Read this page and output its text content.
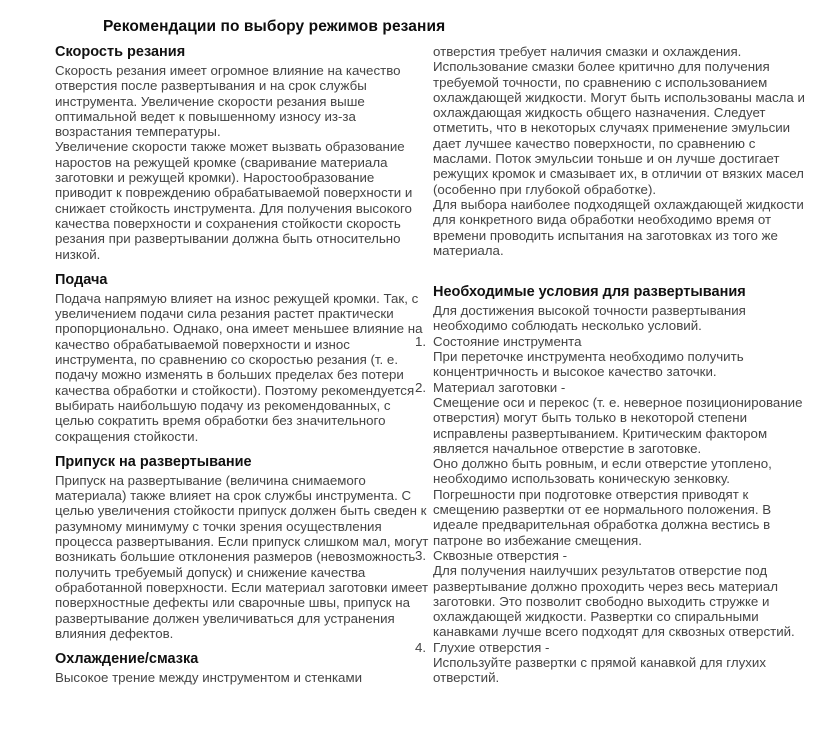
Рекомендации по выбору режимов резания
Скорость резания

Скорость резания имеет огромное влияние на качество отверстия после развертывания и на срок службы инструмента. Увеличение скорости резания выше оптимальной ведет к повышенному износу из-за возрастания температуры.

Увеличение скорости также может вызвать образование наростов на режущей кромке (сваривание материала заготовки и режущей кромки). Наростообразование приводит к повреждению обрабатываемой поверхности и снижает стойкость инструмента. Для получения высокого качества поверхности и сохранения стойкости скорость резания при развертывании должна быть относительно низкой.

Подача

Подача напрямую влияет на износ режущей кромки. Так, с увеличением подачи сила резания растет практически пропорционально. Однако, она имеет меньшее влияние на качество обрабатываемой поверхности и износ инструмента, по сравнению со скоростью резания (т. е. подачу можно изменять в больших пределах без потери качества обработки и стойкости). Поэтому рекомендуется выбирать наибольшую подачу из рекомендованных, с целью сократить время обработки без значительного сокращения стойкости.

Припуск на развертывание

Припуск на развертывание (величина снимаемого материала) также влияет на срок службы инструмента. С целью увеличения стойкости припуск должен быть сведен к разумному минимуму с точки зрения осуществления процесса развертывания. Если припуск слишком мал, могут возникать большие отклонения размеров (невозможность получить требуемый допуск) и снижение качества обработанной поверхности. Если материал заготовки имеет поверхностные дефекты или сварочные швы, припуск на развертывание должен увеличиваться для устранения влияния дефектов.

Охлаждение/смазка

Высокое трение между инструментом и стенками

отверстия требует наличия смазки и охлаждения. Использование смазки более критично для получения требуемой точности, по сравнению с использованием охлаждающей жидкости. Могут быть использованы масла и охлаждающая жидкость общего назначения. Следует отметить, что в некоторых случаях применение эмульсии дает лучшее качество поверхности, по сравнению с маслами. Поток эмульсии тоньше и он лучше достигает режущих кромок и смазывает их, в отличии от вязких масел (особенно при глубокой обработке).

Для выбора наиболее подходящей охлаждающей жидкости для конкретного вида обработки необходимо время от времени проводить испытания на заготовках из того же материала.

Необходимые условия для развертывания

Для достижения высокой точности развертывания необходимо соблюдать несколько условий.

1. Состояние инструмента

При переточке инструмента необходимо получить концентричность и высокое качество заточки.

2. Материал заготовки -

Смещение оси и перекос (т. е. неверное позиционирование отверстия) могут быть только в некоторой степени исправлены развертыванием. Критическим фактором является начальное отверстие в заготовке.

Оно должно быть ровным, и если отверстие утоплено, необходимо использовать коническую зенковку. Погрешности при подготовке отверстия приводят к смещению развертки от ее нормального положения. В идеале предварительная обработка должна вестись в патроне во избежание смещения.

3. Сквозные отверстия -

Для получения наилучших результатов отверстие под развертывание должно проходить через весь материал заготовки. Это позволит свободно выходить стружке и охлаждающей жидкости. Развертки со спиральными канавками лучше всего подходят для сквозных отверстий.

4. Глухие отверстия -

Используйте развертки с прямой канавкой для глухих отверстий.
